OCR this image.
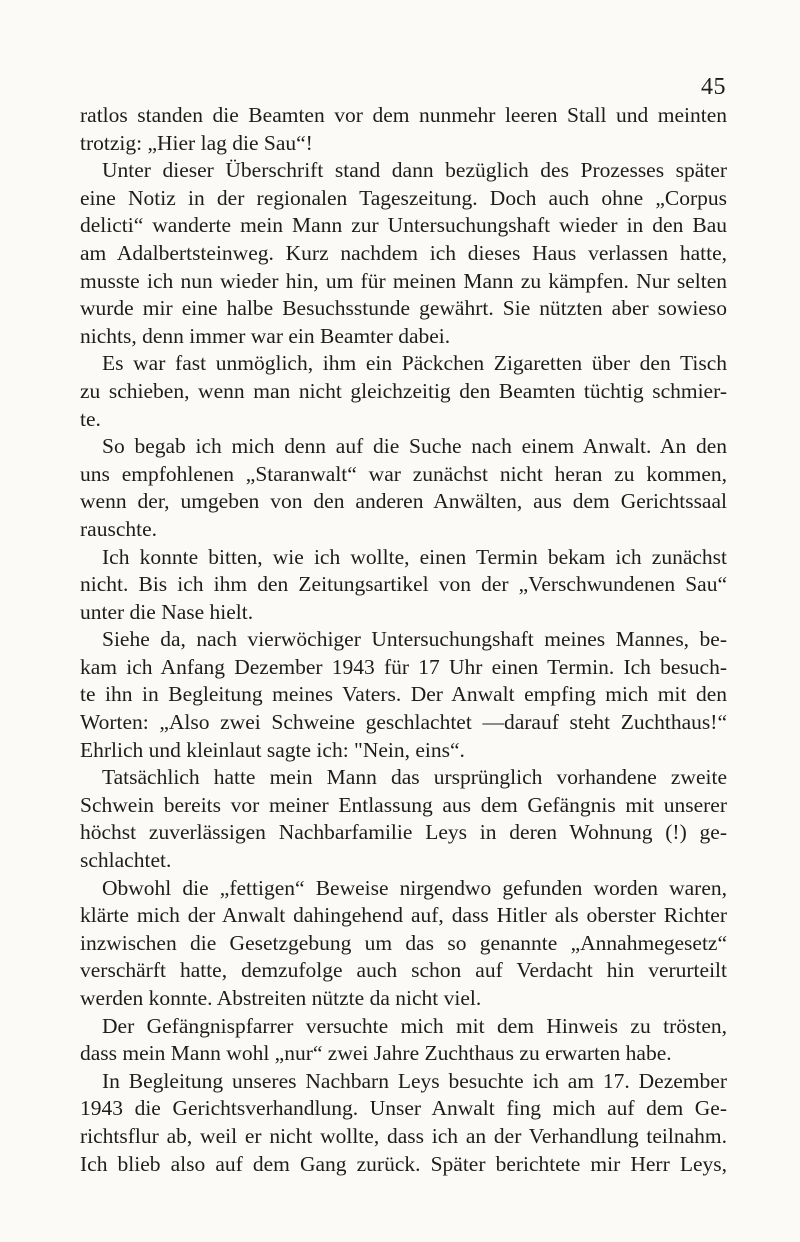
45
ratlos standen die Beamten vor dem nunmehr leeren Stall und meinten
trotzig: „Hier lag die Sau“!
Unter dieser Überschrift stand dann bezüglich des Prozesses später
eine Notiz in der regionalen Tageszeitung. Doch auch ohne „Corpus
delicti“ wanderte mein Mann zur Untersuchungshaft wieder in den Bau
am Adalbertsteinweg. Kurz nachdem ich dieses Haus verlassen hatte,
musste ich nun wieder hin, um für meinen Mann zu kämpfen. Nur selten
wurde mir eine halbe Besuchsstunde gewährt. Sie nützten aber sowieso
nichts, denn immer war ein Beamter dabei.
Es war fast unmöglich, ihm ein Päckchen Zigaretten über den Tisch
zu schieben, wenn man nicht gleichzeitig den Beamten tüchtig schmier-
te.
So begab ich mich denn auf die Suche nach einem Anwalt. An den
uns empfohlenen „Staranwalt“ war zunächst nicht heran zu kommen,
wenn der, umgeben von den anderen Anwälten, aus dem Gerichtssaal
rauschte.
Ich konnte bitten, wie ich wollte, einen Termin bekam ich zunächst
nicht. Bis ich ihm den Zeitungsartikel von der „Verschwundenen Sau“
unter die Nase hielt.
Siehe da, nach vierwöchiger Untersuchungshaft meines Mannes, be-
kam ich Anfang Dezember 1943 für 17 Uhr einen Termin. Ich besuch-
te ihn in Begleitung meines Vaters. Der Anwalt empfing mich mit den
Worten: „Also zwei Schweine geschlachtet —darauf steht Zuchthaus!“
Ehrlich und kleinlaut sagte ich: "Nein, eins“.
Tatsächlich hatte mein Mann das ursprünglich vorhandene zweite
Schwein bereits vor meiner Entlassung aus dem Gefängnis mit unserer
höchst zuverlässigen Nachbarfamilie Leys in deren Wohnung (!) ge-
schlachtet.
Obwohl die „fettigen“ Beweise nirgendwo gefunden worden waren,
klärte mich der Anwalt dahingehend auf, dass Hitler als oberster Richter
inzwischen die Gesetzgebung um das so genannte „Annahmegesetz“
verschärft hatte, demzufolge auch schon auf Verdacht hin verurteilt
werden konnte. Abstreiten nützte da nicht viel.
Der Gefängnispfarrer versuchte mich mit dem Hinweis zu trösten,
dass mein Mann wohl „nur“ zwei Jahre Zuchthaus zu erwarten habe.
In Begleitung unseres Nachbarn Leys besuchte ich am 17. Dezember
1943 die Gerichtsverhandlung. Unser Anwalt fing mich auf dem Ge-
richtsflur ab, weil er nicht wollte, dass ich an der Verhandlung teilnahm.
Ich blieb also auf dem Gang zurück. Später berichtete mir Herr Leys,
